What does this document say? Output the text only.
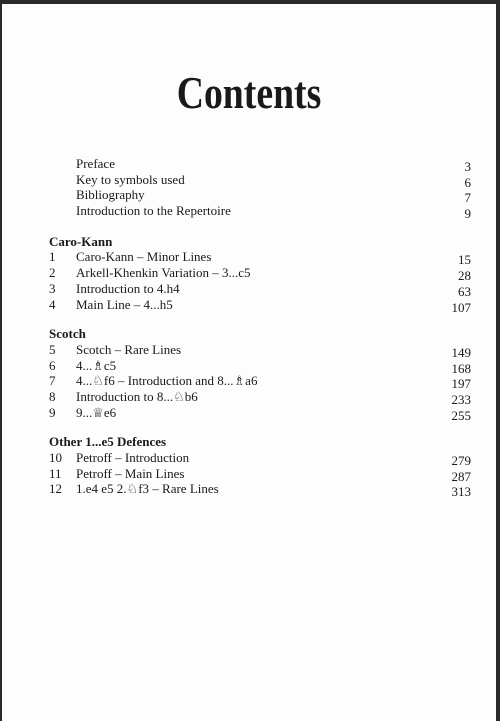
Contents
Preface	3
Key to symbols used	6
Bibliography	7
Introduction to the Repertoire	9
Caro-Kann
1 Caro-Kann – Minor Lines	15
2 Arkell-Khenkin Variation – 3...c5	28
3 Introduction to 4.h4	63
4 Main Line – 4...h5	107
Scotch
5 Scotch – Rare Lines	149
6 4...♗c5	168
7 4...♘f6 – Introduction and 8...♗a6	197
8 Introduction to 8...♘b6	233
9 9...♕e6	255
Other 1...e5 Defences
10 Petroff – Introduction	279
11 Petroff – Main Lines	287
12 1.e4 e5 2.♘f3 – Rare Lines	313
